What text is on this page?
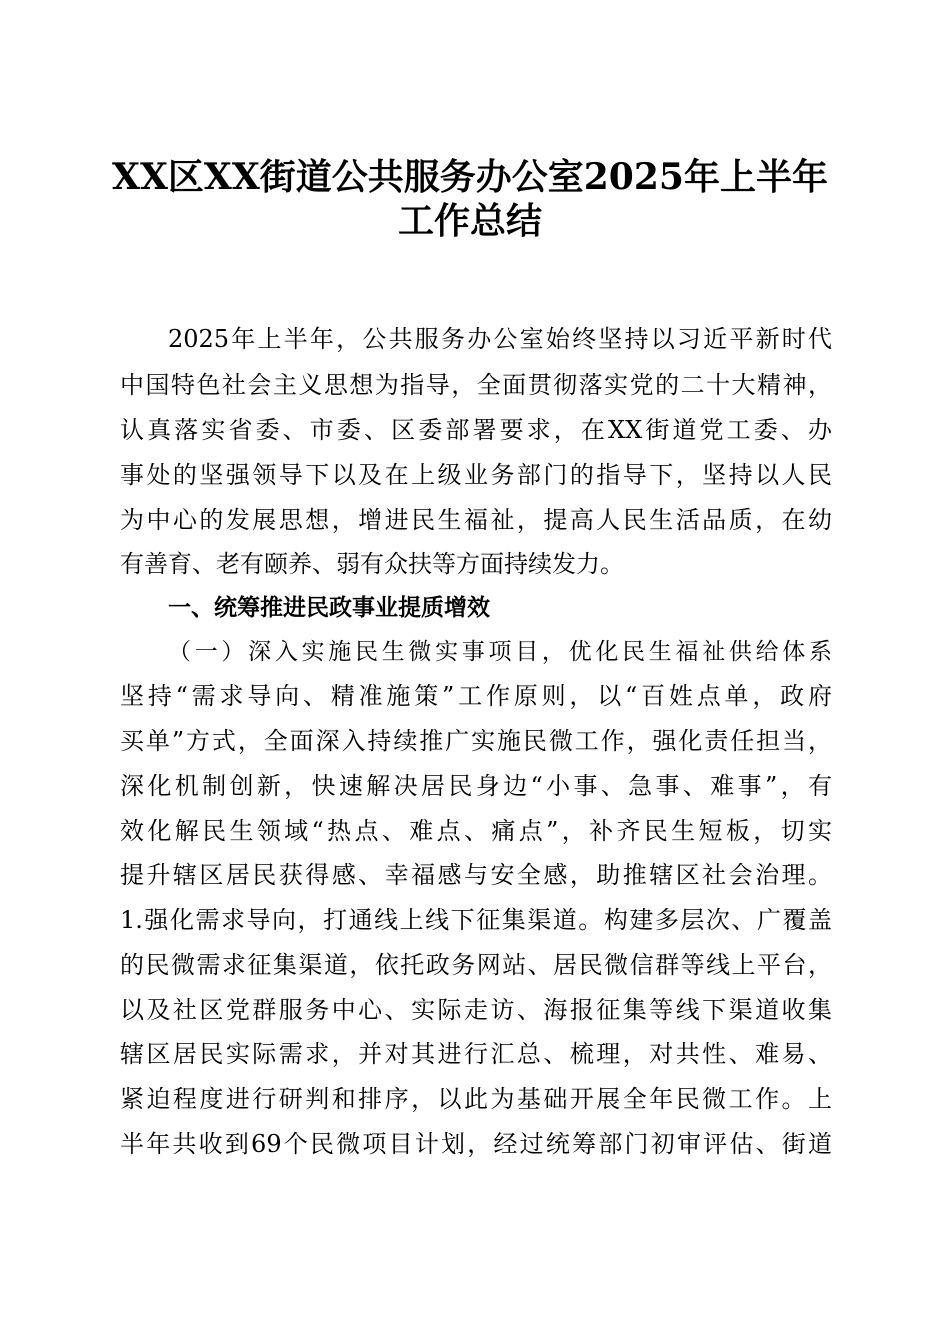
XX区XX街道公共服务办公室2025年上半年
工作总结
2025年上半年，公共服务办公室始终坚持以习近平新时代
中国特色社会主义思想为指导，全面贯彻落实党的二十大精神，
认真落实省委、市委、区委部署要求，在XX街道党工委、办
事处的坚强领导下以及在上级业务部门的指导下，坚持以人民
为中心的发展思想，增进民生福祉，提高人民生活品质，在幼
有善育、老有颐养、弱有众扶等方面持续发力。
一、统筹推进民政事业提质增效
（一）深入实施民生微实事项目，优化民生福祉供给体系
坚持“需求导向、精准施策”工作原则，以“百姓点单，政府
买单”方式，全面深入持续推广实施民微工作，强化责任担当，
深化机制创新，快速解决居民身边“小事、急事、难事”，有
效化解民生领域“热点、难点、痛点”，补齐民生短板，切实
提升辖区居民获得感、幸福感与安全感，助推辖区社会治理。
1.强化需求导向，打通线上线下征集渠道。构建多层次、广覆盖
的民微需求征集渠道，依托政务网站、居民微信群等线上平台，
以及社区党群服务中心、实际走访、海报征集等线下渠道收集
辖区居民实际需求，并对其进行汇总、梳理，对共性、难易、
紧迫程度进行研判和排序，以此为基础开展全年民微工作。上
半年共收到69个民微项目计划，经过统筹部门初审评估、街道
